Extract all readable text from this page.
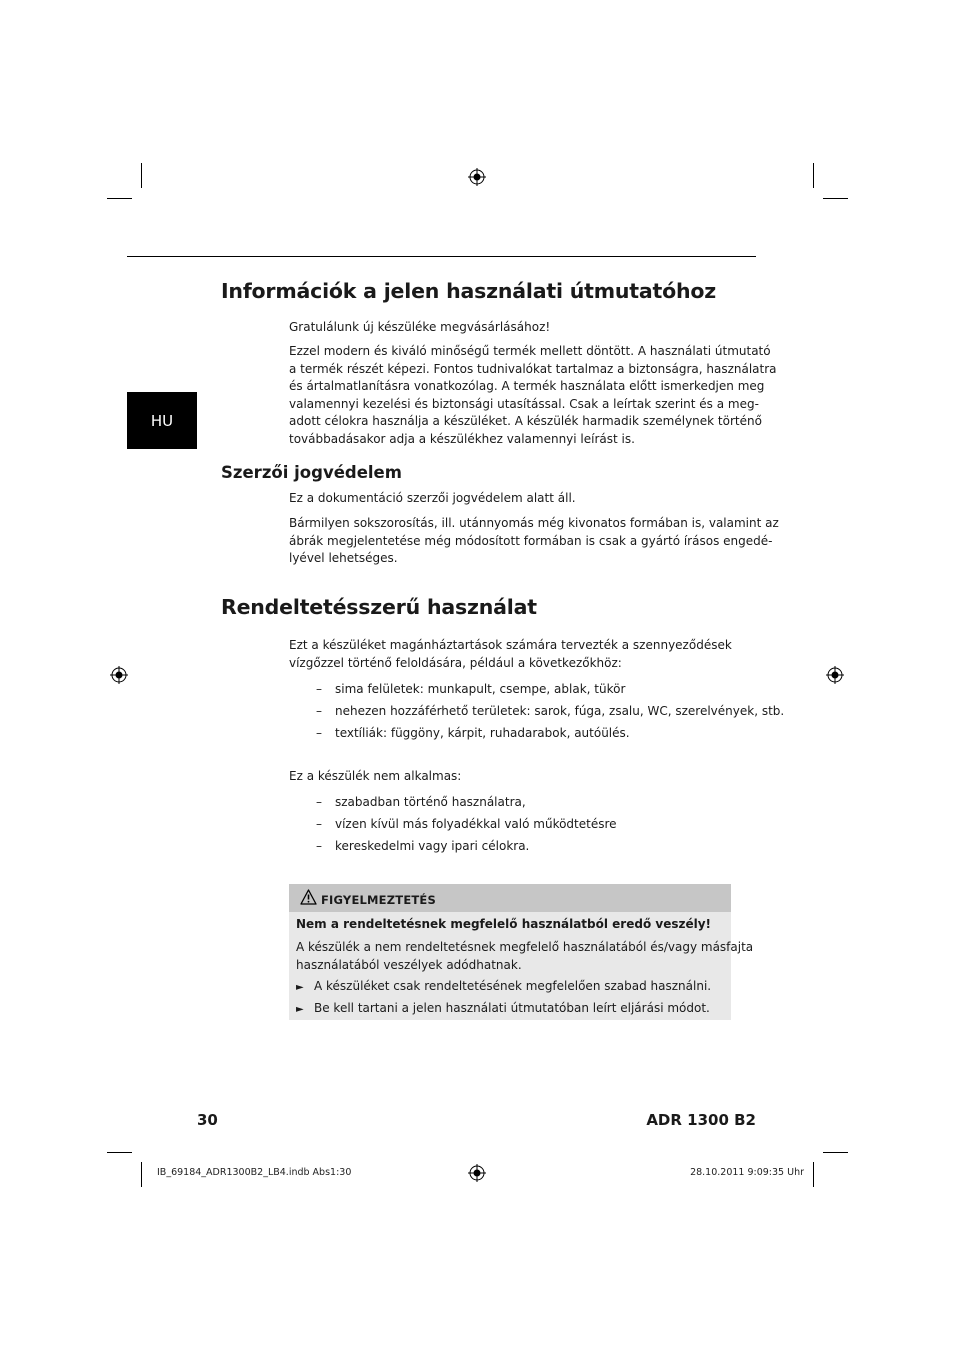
HU
Információk a jelen használati útmutatóhoz

Gratulálunk új készüléke megvásárlásához!

Ezzel modern és kiváló minőségű termék mellett döntött. A használati útmutató
a termék részét képezi. Fontos tudnivalókat tartalmaz a biztonságra, használatra
és ártalmatlanításra vonatkozólag. A termék használata előtt ismerkedjen meg
valamennyi kezelési és biztonsági utasítással. Csak a leírtak szerint és a meg-
adott célokra használja a készüléket. A készülék harmadik személynek történő
továbbadásakor adja a készülékhez valamennyi leírást is.

Szerzői jogvédelem

Ez a dokumentáció szerzői jogvédelem alatt áll.

Bármilyen sokszorosítás, ill. utánnyomás még kivonatos formában is, valamint az
ábrák megjelentetése még módosított formában is csak a gyártó írásos engedé-
lyével lehetséges.

Rendeltetésszerű használat

Ezt a készüléket magánháztartások számára tervezték a szennyeződések
vízgőzzel történő feloldására, például a következőkhöz:

– sima felületek: munkapult, csempe, ablak, tükör
– nehezen hozzáférhető területek: sarok, fúga, zsalu, WC, szerelvények, stb.
– textíliák: függöny, kárpit, ruhadarabok, autóülés.

Ez a készülék nem alkalmas:

– szabadban történő használatra,
– vízen kívül más folyadékkal való működtetésre
– kereskedelmi vagy ipari célokra.
FIGYELMEZTETÉS
Nem a rendeltetésnek megfelelő használatból eredő veszély!
A készülék a nem rendeltetésnek megfelelő használatából és/vagy másfajta
használatából veszélyek adódhatnak.
► A készüléket csak rendeltetésének megfelelően szabad használni.
► Be kell tartani a jelen használati útmutatóban leírt eljárási módot.
30	ADR 1300 B2
IB_69184_ADR1300B2_LB4.indb Abs1:30	28.10.2011 9:09:35 Uhr
